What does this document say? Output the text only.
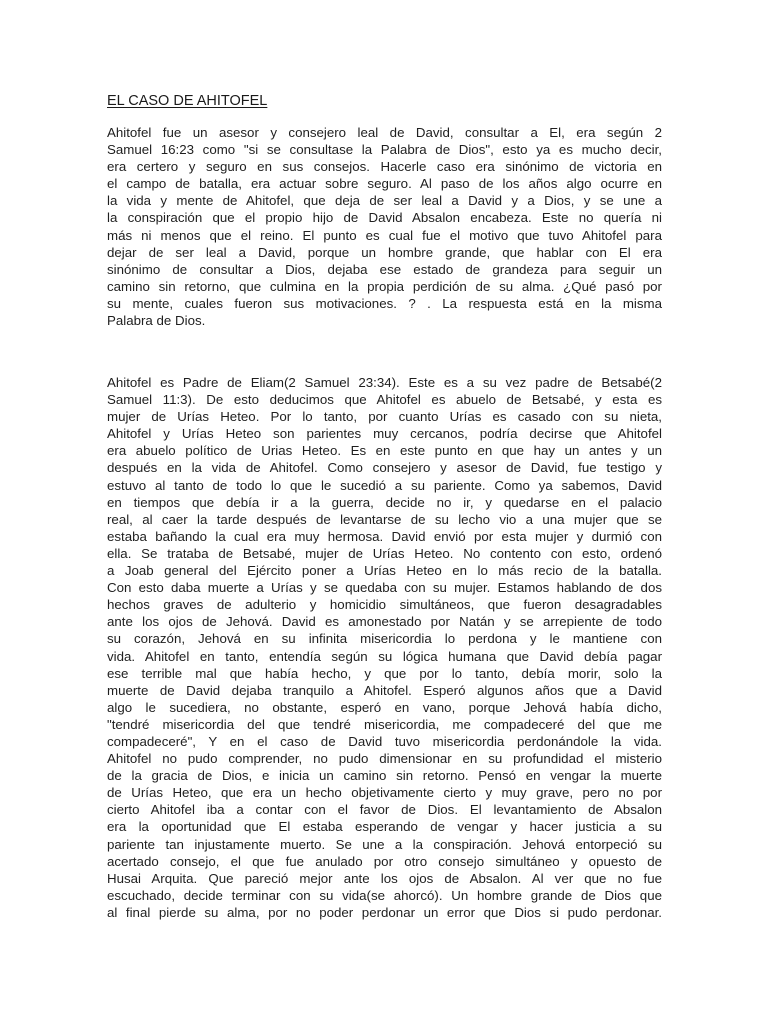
EL CASO DE AHITOFEL
Ahitofel fue un asesor y consejero leal de David, consultar a El, era según 2
Samuel 16:23 como "si se consultase la Palabra de Dios", esto ya es mucho decir,
era certero y seguro en sus consejos. Hacerle caso era sinónimo de victoria en
el campo de batalla, era actuar sobre seguro. Al paso de los años algo ocurre en
la vida y mente de Ahitofel, que deja de ser leal a David y a Dios, y se une a
la conspiración que el propio hijo de David Absalon encabeza. Este no quería ni
más ni menos que el reino. El punto es cual fue el motivo que tuvo Ahitofel para
dejar de ser leal a David, porque un hombre grande, que hablar con El era
sinónimo de consultar a Dios, dejaba ese estado de grandeza para seguir un
camino sin retorno, que culmina en la propia perdición de su alma. ¿Qué pasó por
su mente, cuales fueron sus motivaciones. ? . La respuesta está en la misma
Palabra de Dios.
Ahitofel es Padre de Eliam(2 Samuel 23:34). Este es a su vez padre de Betsabé(2
Samuel 11:3). De esto deducimos que Ahitofel es abuelo de Betsabé, y esta es
mujer de Urías Heteo. Por lo tanto, por cuanto Urías es casado con su nieta,
Ahitofel y Urías Heteo son parientes muy cercanos, podría decirse que Ahitofel
era abuelo político de Urias Heteo. Es en este punto en que hay un antes y un
después en la vida de Ahitofel. Como consejero y asesor de David, fue testigo y
estuvo al tanto de todo lo que le sucedió a su pariente. Como ya sabemos, David
en tiempos que debía ir a la guerra, decide no ir, y quedarse en el palacio
real, al caer la tarde después de levantarse de su lecho vio a una mujer que se
estaba bañando la cual era muy hermosa. David envió por esta mujer y durmió con
ella. Se trataba de Betsabé, mujer de Urías Heteo. No contento con esto, ordenó
a Joab general del Ejército poner a Urías Heteo en lo más recio de la batalla.
Con esto daba muerte a Urías y se quedaba con su mujer. Estamos hablando de dos
hechos graves de adulterio y homicidio simultáneos, que fueron desagradables
ante los ojos de Jehová. David es amonestado por Natán y se arrepiente de todo
su corazón, Jehová en su infinita misericordia lo perdona y le mantiene con
vida. Ahitofel en tanto, entendía según su lógica humana que David debía pagar
ese terrible mal que había hecho, y que por lo tanto, debía morir, solo la
muerte de David dejaba tranquilo a Ahitofel. Esperó algunos años que a David
algo le sucediera, no obstante, esperó en vano, porque Jehová había dicho,
"tendré misericordia del que tendré misericordia, me compadeceré del que me
compadeceré", Y en el caso de David tuvo misericordia perdonándole la vida.
Ahitofel no pudo comprender, no pudo dimensionar en su profundidad el misterio
de la gracia de Dios, e inicia un camino sin retorno. Pensó en vengar la muerte
de Urías Heteo, que era un hecho objetivamente cierto y muy grave, pero no por
cierto Ahitofel iba a contar con el favor de Dios. El levantamiento de Absalon
era la oportunidad que El estaba esperando de vengar y hacer justicia a su
pariente tan injustamente muerto. Se une a la conspiración. Jehová entorpeció su
acertado consejo, el que fue anulado por otro consejo simultáneo y opuesto de
Husai Arquita. Que pareció mejor ante los ojos de Absalon. Al ver que no fue
escuchado, decide terminar con su vida(se ahorcó). Un hombre grande de Dios que
al final pierde su alma, por no poder perdonar un error que Dios si pudo perdonar.
